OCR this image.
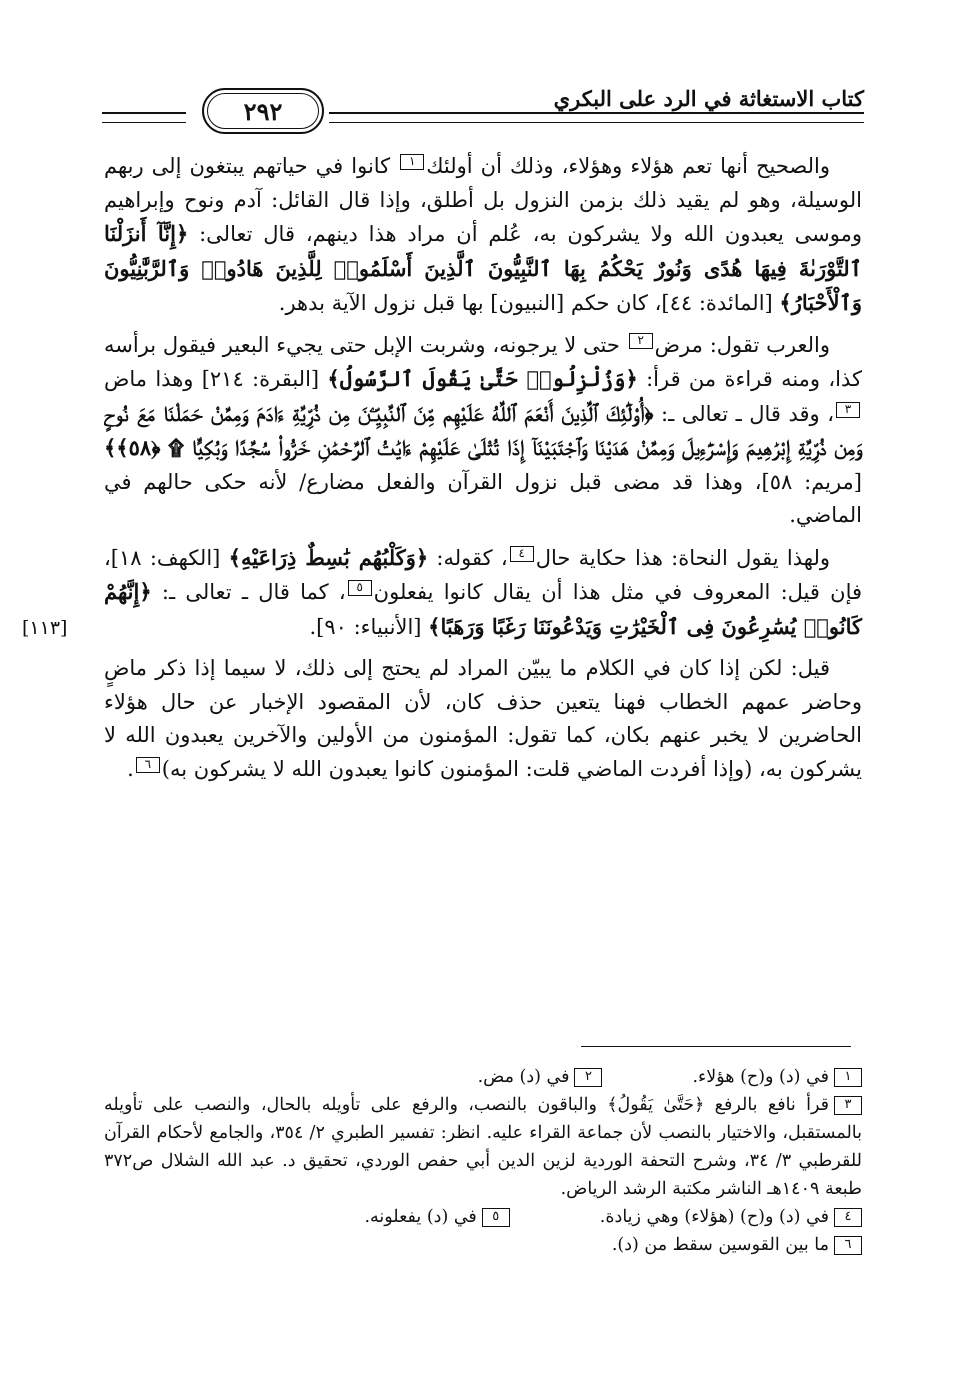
كتاب الاستغاثة في الرد على البكري
٢٩٢
[١١٣]

والصحيح أنها تعم هؤلاء وهؤلاء، وذلك أن أولئك١ كانوا في حياتهم يبتغون إلى ربهم الوسيلة، وهو لم يقيد ذلك بزمن النزول بل أطلق، وإذا قال القائل: آدم ونوح وإبراهيم وموسى يعبدون الله ولا يشركون به، عُلم أن مراد هذا دينهم، قال تعالى: ﴿إِنَّآ أَنزَلْنَا ٱلتَّوْرَىٰةَ فِيهَا هُدًى وَنُورٌ يَحْكُمُ بِهَا ٱلنَّبِيُّونَ ٱلَّذِينَ أَسْلَمُوا۟ لِلَّذِينَ هَادُوا۟ وَٱلرَّبَّٰنِيُّونَ وَٱلْأَحْبَارُ﴾ [المائدة: ٤٤]، كان حكم [النبيون] بها قبل نزول الآية بدهر.

والعرب تقول: مرض٢ حتى لا يرجونه، وشربت الإبل حتى يجيء البعير فيقول برأسه كذا، ومنه قراءة من قرأ: ﴿وَزُلْزِلُوا۟ حَتَّىٰ يَقُولَ ٱلرَّسُولُ﴾ [البقرة: ٢١٤] وهذا ماض٣، وقد قال ـ تعالى ـ: ﴿أُو۟لَٰٓئِكَ ٱلَّذِينَ أَنْعَمَ ٱللَّهُ عَلَيْهِم مِّنَ ٱلنَّبِيِّـۧنَ مِن ذُرِّيَّةِ ءَادَمَ وَمِمَّنْ حَمَلْنَا مَعَ نُوحٍ وَمِن ذُرِّيَّةِ إِبْرَٰهِيمَ وَإِسْرَٰٓءِيلَ وَمِمَّنْ هَدَيْنَا وَٱجْتَبَيْنَآ إِذَا تُتْلَىٰ عَلَيْهِمْ ءَايَٰتُ ٱلرَّحْمَٰنِ خَرُّوا۟ سُجَّدًا وَبُكِيًّا ۩ ﴿٥٨﴾﴾ [مريم: ٥٨]، وهذا قد مضى قبل نزول القرآن والفعل مضارع/ لأنه حكى حالهم في الماضي.

ولهذا يقول النحاة: هذا حكاية حال٤، كقوله: ﴿وَكَلْبُهُم بَٰسِطٌ ذِرَاعَيْهِ﴾ [الكهف: ١٨]، فإن قيل: المعروف في مثل هذا أن يقال كانوا يفعلون٥، كما قال ـ تعالى ـ: ﴿إِنَّهُمْ كَانُوا۟ يُسَٰرِعُونَ فِى ٱلْخَيْرَٰتِ وَيَدْعُونَنَا رَغَبًا وَرَهَبًا﴾ [الأنبياء: ٩٠].

قيل: لكن إذا كان في الكلام ما يبيّن المراد لم يحتج إلى ذلك، لا سيما إذا ذكر ماضٍ وحاضر عمهم الخطاب فهنا يتعين حذف كان، لأن المقصود الإخبار عن حال هؤلاء الحاضرين لا يخبر عنهم بكان، كما تقول: المؤمنون من الأولين والآخرين يعبدون الله لا يشركون به، (وإذا أفردت الماضي قلت: المؤمنون كانوا يعبدون الله لا يشركون به)٦.

١في (د) و(ح) هؤلاء.٢في (د) مض.
٣قرأ نافع بالرفع ﴿حَتَّىٰ يَقُولُ﴾ والباقون بالنصب، والرفع على تأويله بالحال، والنصب على تأويله بالمستقبل، والاختيار بالنصب لأن جماعة القراء عليه. انظر: تفسير الطبري ٢/ ٣٥٤، والجامع لأحكام القرآن للقرطبي ٣/ ٣٤، وشرح التحفة الوردية لزين الدين أبي حفص الوردي، تحقيق د. عبد الله الشلال ص٣٧٢ طبعة ١٤٠٩هـ الناشر مكتبة الرشد الرياض.
٤في (د) و(ح) (هؤلاء) وهي زيادة.٥في (د) يفعلونه.
٦ما بين القوسين سقط من (د).
